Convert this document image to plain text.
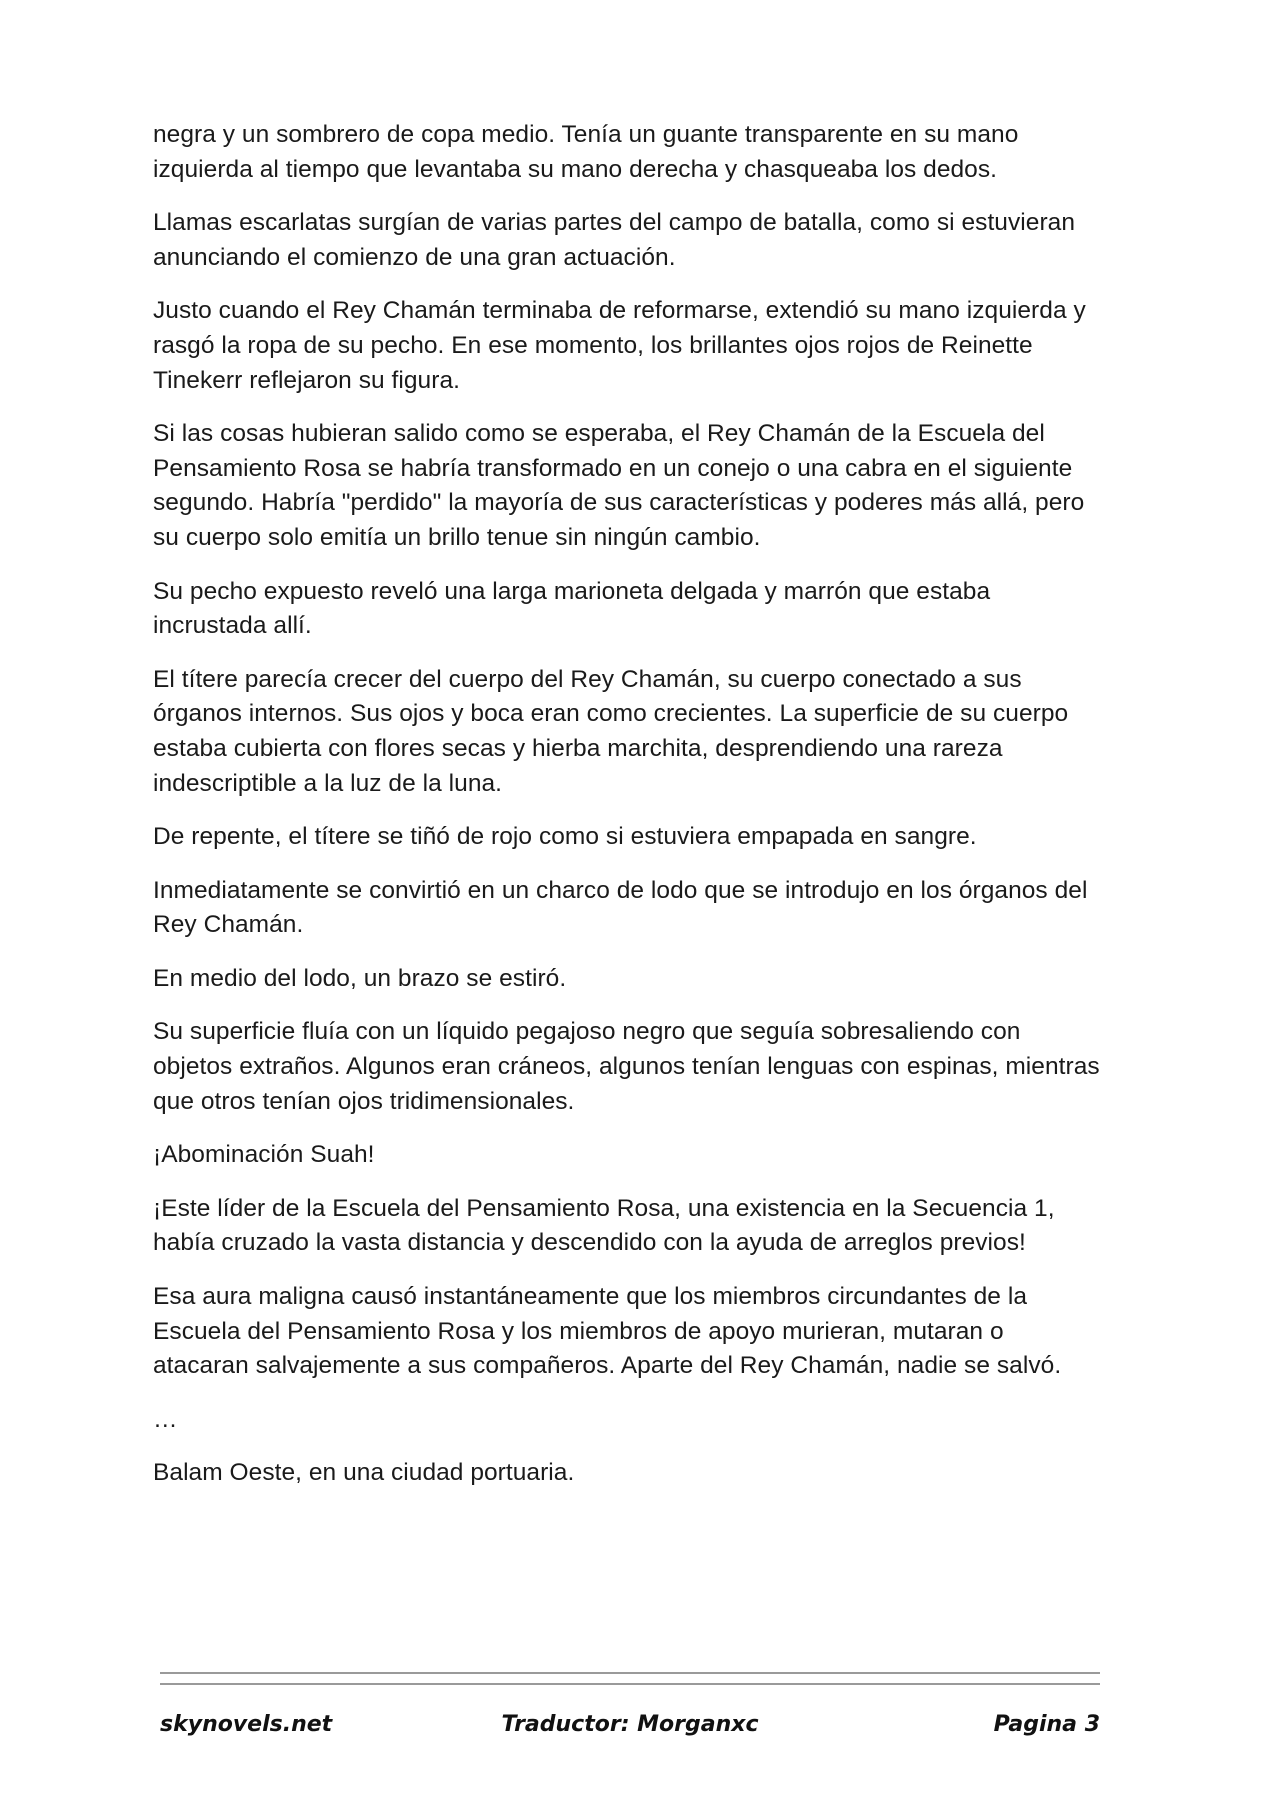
negra y un sombrero de copa medio. Tenía un guante transparente en su mano izquierda al tiempo que levantaba su mano derecha y chasqueaba los dedos.

Llamas escarlatas surgían de varias partes del campo de batalla, como si estuvieran anunciando el comienzo de una gran actuación.

Justo cuando el Rey Chamán terminaba de reformarse, extendió su mano izquierda y rasgó la ropa de su pecho. En ese momento, los brillantes ojos rojos de Reinette Tinekerr reflejaron su figura.

Si las cosas hubieran salido como se esperaba, el Rey Chamán de la Escuela del Pensamiento Rosa se habría transformado en un conejo o una cabra en el siguiente segundo. Habría "perdido" la mayoría de sus características y poderes más allá, pero su cuerpo solo emitía un brillo tenue sin ningún cambio.

Su pecho expuesto reveló una larga marioneta delgada y marrón que estaba incrustada allí.

El títere parecía crecer del cuerpo del Rey Chamán, su cuerpo conectado a sus órganos internos. Sus ojos y boca eran como crecientes. La superficie de su cuerpo estaba cubierta con flores secas y hierba marchita, desprendiendo una rareza indescriptible a la luz de la luna.

De repente, el títere se tiñó de rojo como si estuviera empapada en sangre.

Inmediatamente se convirtió en un charco de lodo que se introdujo en los órganos del Rey Chamán.

En medio del lodo, un brazo se estiró.

Su superficie fluía con un líquido pegajoso negro que seguía sobresaliendo con objetos extraños. Algunos eran cráneos, algunos tenían lenguas con espinas, mientras que otros tenían ojos tridimensionales.

¡Abominación Suah!

¡Este líder de la Escuela del Pensamiento Rosa, una existencia en la Secuencia 1, había cruzado la vasta distancia y descendido con la ayuda de arreglos previos!

Esa aura maligna causó instantáneamente que los miembros circundantes de la Escuela del Pensamiento Rosa y los miembros de apoyo murieran, mutaran o atacaran salvajemente a sus compañeros. Aparte del Rey Chamán, nadie se salvó.

…

Balam Oeste, en una ciudad portuaria.

skynovels.net	Traductor: Morganxc	Pagina 3
